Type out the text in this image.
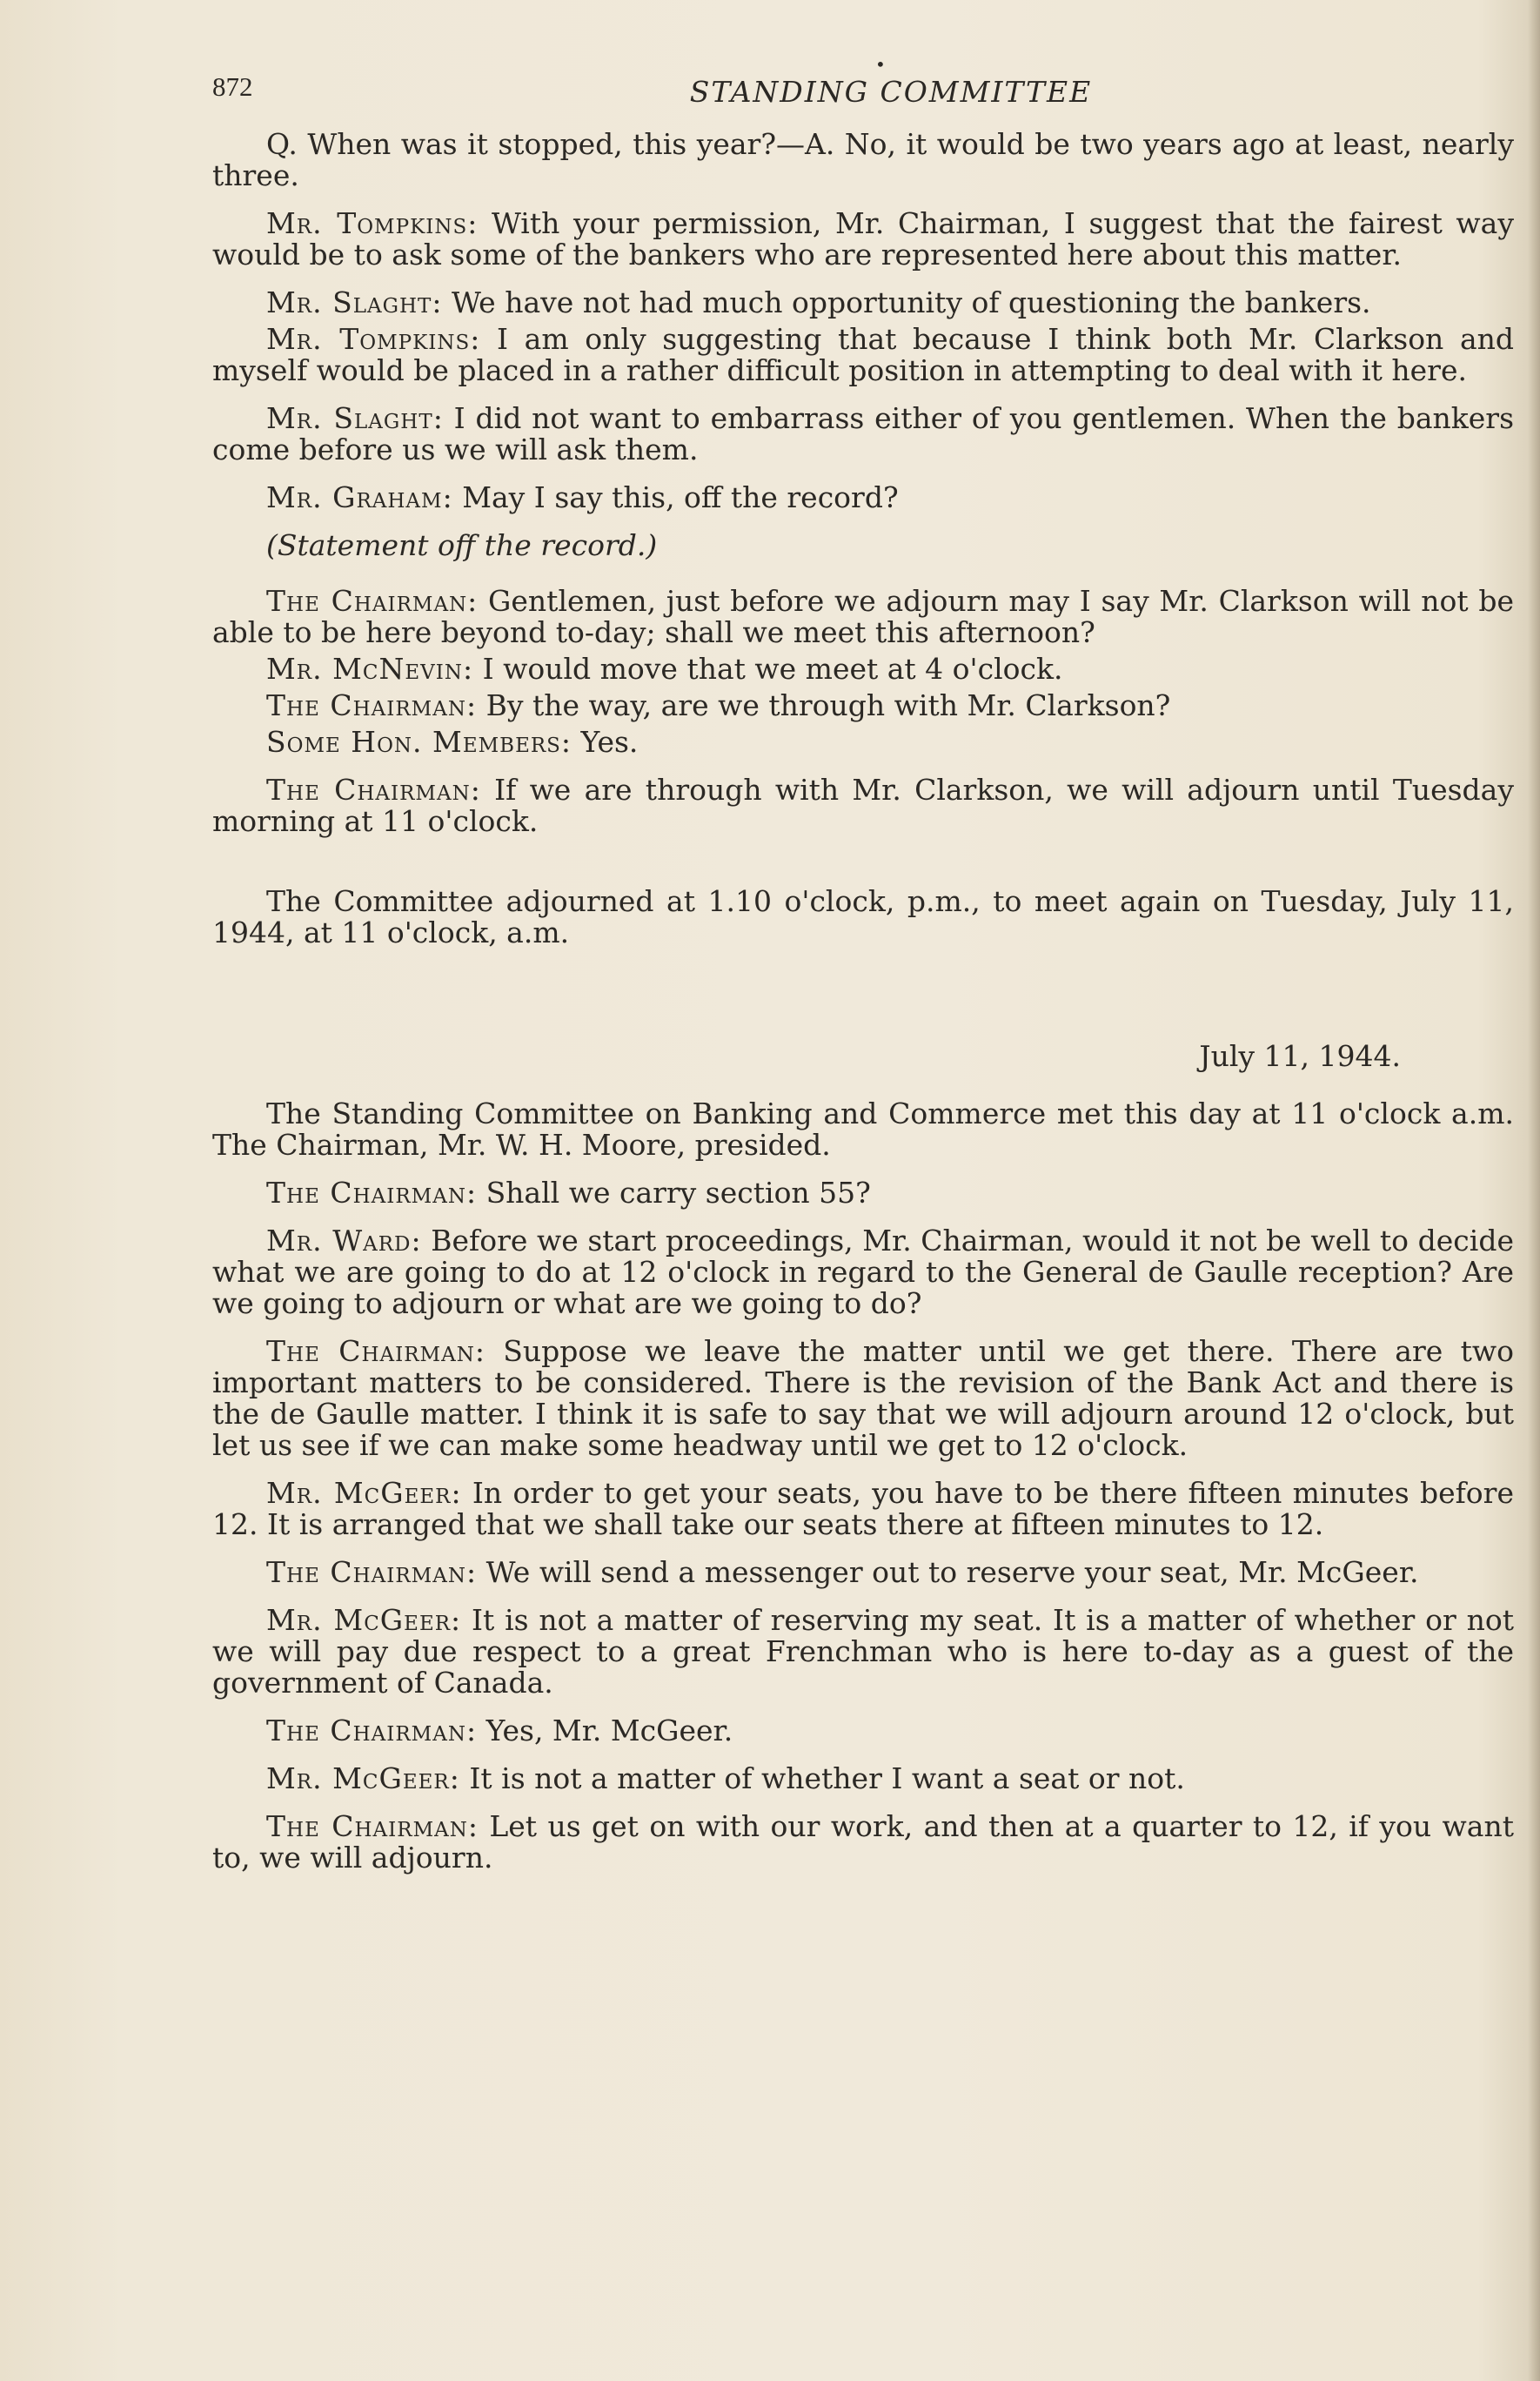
872
•
STANDING COMMITTEE

Q. When was it stopped, this year?—A. No, it would be two years ago at least, nearly three.

Mr. Tompkins: With your permission, Mr. Chairman, I suggest that the fairest way would be to ask some of the bankers who are represented here about this matter.

Mr. Slaght: We have not had much opportunity of questioning the bankers.

Mr. Tompkins: I am only suggesting that because I think both Mr. Clarkson and myself would be placed in a rather difficult position in attempting to deal with it here.

Mr. Slaght: I did not want to embarrass either of you gentlemen. When the bankers come before us we will ask them.

Mr. Graham: May I say this, off the record?

(Statement off the record.)

The Chairman: Gentlemen, just before we adjourn may I say Mr. Clarkson will not be able to be here beyond to-day; shall we meet this afternoon?

Mr. McNevin: I would move that we meet at 4 o'clock.

The Chairman: By the way, are we through with Mr. Clarkson?

Some Hon. Members: Yes.

The Chairman: If we are through with Mr. Clarkson, we will adjourn until Tuesday morning at 11 o'clock.

The Committee adjourned at 1.10 o'clock, p.m., to meet again on Tuesday, July 11, 1944, at 11 o'clock, a.m.

July 11, 1944.

The Standing Committee on Banking and Commerce met this day at 11 o'clock a.m. The Chairman, Mr. W. H. Moore, presided.

The Chairman: Shall we carry section 55?

Mr. Ward: Before we start proceedings, Mr. Chairman, would it not be well to decide what we are going to do at 12 o'clock in regard to the General de Gaulle reception? Are we going to adjourn or what are we going to do?

The Chairman: Suppose we leave the matter until we get there. There are two important matters to be considered. There is the revision of the Bank Act and there is the de Gaulle matter. I think it is safe to say that we will adjourn around 12 o'clock, but let us see if we can make some headway until we get to 12 o'clock.

Mr. McGeer: In order to get your seats, you have to be there fifteen minutes before 12. It is arranged that we shall take our seats there at fifteen minutes to 12.

The Chairman: We will send a messenger out to reserve your seat, Mr. McGeer.

Mr. McGeer: It is not a matter of reserving my seat. It is a matter of whether or not we will pay due respect to a great Frenchman who is here to-day as a guest of the government of Canada.

The Chairman: Yes, Mr. McGeer.

Mr. McGeer: It is not a matter of whether I want a seat or not.

The Chairman: Let us get on with our work, and then at a quarter to 12, if you want to, we will adjourn.
